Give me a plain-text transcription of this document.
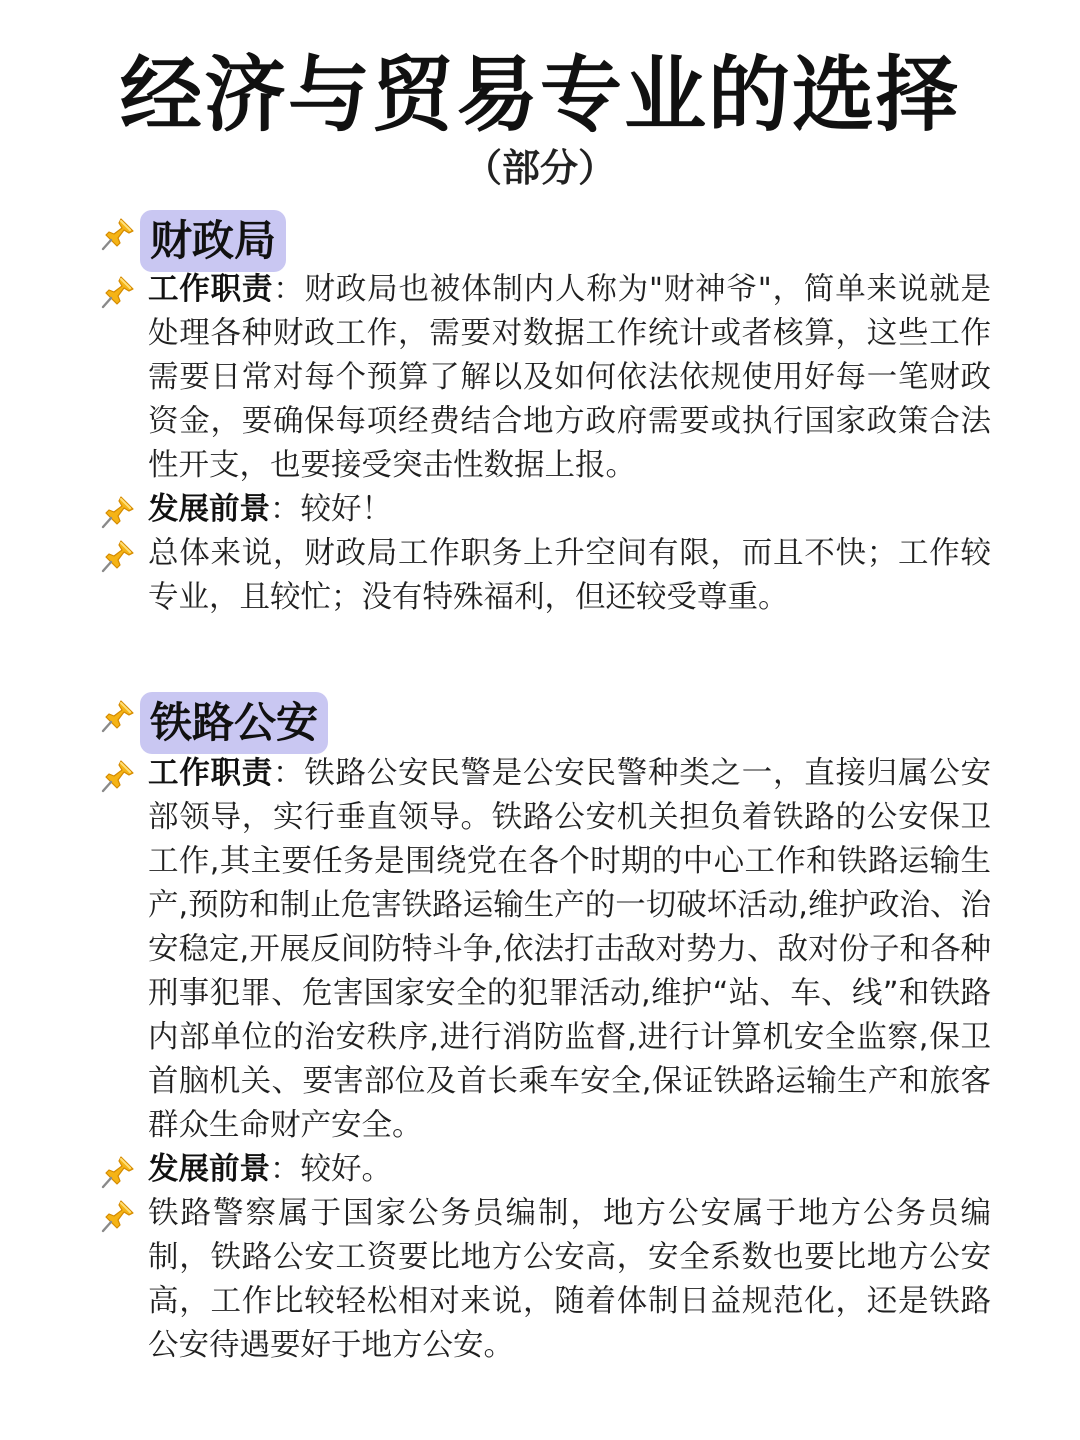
经济与贸易专业的选择
（部分）
财政局
工作职责：财政局也被体制内人称为"财神爷"，简单来说就是处理各种财政工作，需要对数据工作统计或者核算，这些工作需要日常对每个预算了解以及如何依法依规使用好每一笔财政资金，要确保每项经费结合地方政府需要或执行国家政策合法性开支，也要接受突击性数据上报。
发展前景：较好！
总体来说，财政局工作职务上升空间有限，而且不快；工作较专业，且较忙；没有特殊福利，但还较受尊重。
铁路公安
工作职责：铁路公安民警是公安民警种类之一，直接归属公安部领导，实行垂直领导。铁路公安机关担负着铁路的公安保卫工作,其主要任务是围绕党在各个时期的中心工作和铁路运输生产,预防和制止危害铁路运输生产的一切破坏活动,维护政治、治安稳定,开展反间防特斗争,依法打击敌对势力、敌对份子和各种刑事犯罪、危害国家安全的犯罪活动,维护“站、车、线”和铁路内部单位的治安秩序,进行消防监督,进行计算机安全监察,保卫首脑机关、要害部位及首长乘车安全,保证铁路运输生产和旅客群众生命财产安全。
发展前景：较好。
铁路警察属于国家公务员编制，地方公安属于地方公务员编制，铁路公安工资要比地方公安高，安全系数也要比地方公安高，工作比较轻松相对来说，随着体制日益规范化，还是铁路公安待遇要好于地方公安。
